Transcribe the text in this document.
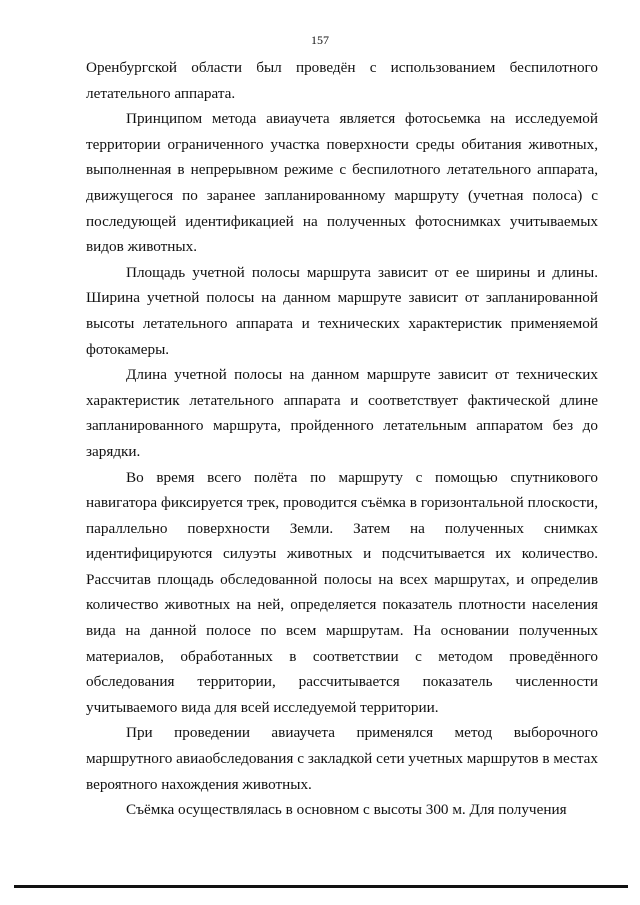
157

Оренбургской области был проведён с использованием беспилотного летательного аппарата.

Принципом метода авиаучета является фотосьемка на исследуемой территории ограниченного участка поверхности среды обитания животных, выполненная в непрерывном режиме с беспилотного летательного аппарата, движущегося по заранее запланированному маршруту (учетная полоса) с последующей идентификацией на полученных фотоснимках учитываемых видов животных.

Площадь учетной полосы маршрута зависит от ее ширины и длины. Ширина учетной полосы на данном маршруте зависит от запланированной высоты летательного аппарата и технических характеристик применяемой фотокамеры.

Длина учетной полосы на данном маршруте зависит от технических характеристик летательного аппарата и соответствует фактической длине запланированного маршрута, пройденного летательным аппаратом без до зарядки.

Во время всего полёта по маршруту с помощью спутникового навигатора фиксируется трек, проводится съёмка в горизонтальной плоскости, параллельно поверхности Земли. Затем на полученных снимках идентифицируются силуэты животных и подсчитывается их количество. Рассчитав площадь обследованной полосы на всех маршрутах, и определив количество животных на ней, определяется показатель плотности населения вида на данной полосе по всем маршрутам. На основании полученных материалов, обработанных в соответствии с методом проведённого обследования территории, рассчитывается показатель численности учитываемого вида для всей исследуемой территории.

При проведении авиаучета применялся метод выборочного маршрутного авиаобследования с закладкой сети учетных маршрутов в местах вероятного нахождения животных.

Съёмка осуществлялась в основном с высоты 300 м. Для получения
